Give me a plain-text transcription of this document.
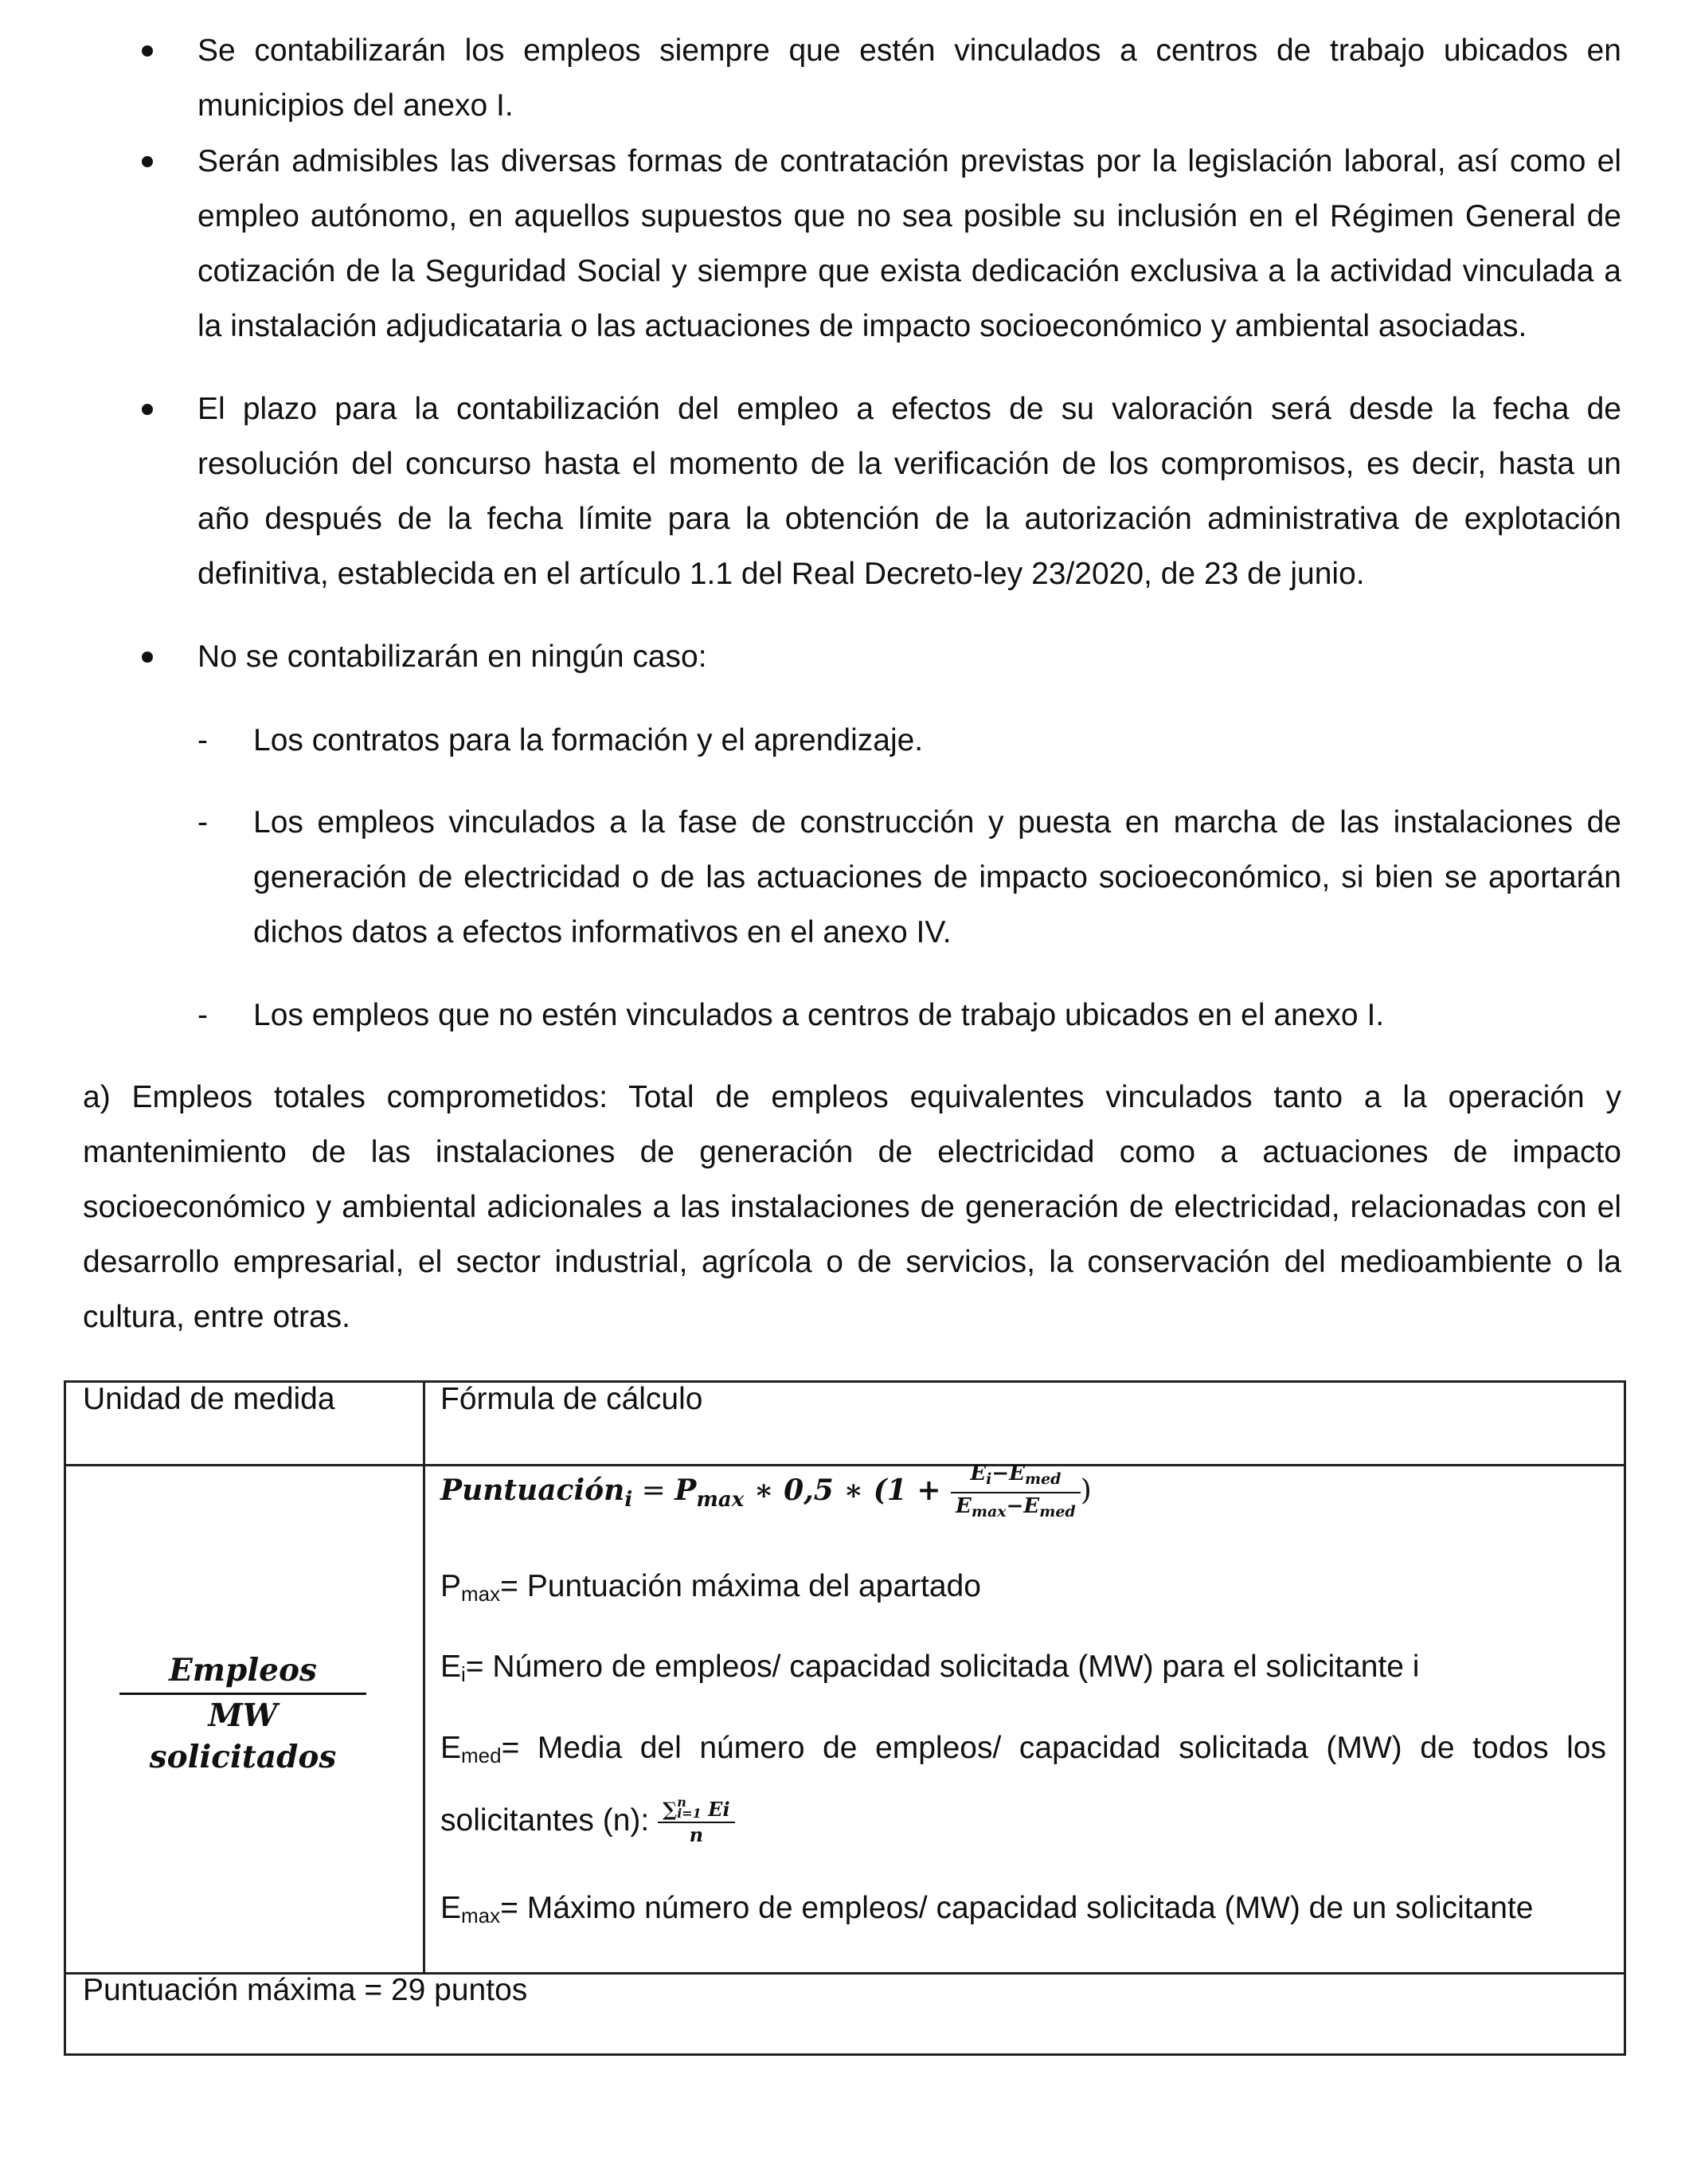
Se contabilizarán los empleos siempre que estén vinculados a centros de trabajo ubicados en municipios del anexo I.
Serán admisibles las diversas formas de contratación previstas por la legislación laboral, así como el empleo autónomo, en aquellos supuestos que no sea posible su inclusión en el Régimen General de cotización de la Seguridad Social y siempre que exista dedicación exclusiva a la actividad vinculada a la instalación adjudicataria o las actuaciones de impacto socioeconómico y ambiental asociadas.
El plazo para la contabilización del empleo a efectos de su valoración será desde la fecha de resolución del concurso hasta el momento de la verificación de los compromisos, es decir, hasta un año después de la fecha límite para la obtención de la autorización administrativa de explotación definitiva, establecida en el artículo 1.1 del Real Decreto-ley 23/2020, de 23 de junio.
No se contabilizarán en ningún caso:
- Los contratos para la formación y el aprendizaje.
- Los empleos vinculados a la fase de construcción y puesta en marcha de las instalaciones de generación de electricidad o de las actuaciones de impacto socioeconómico, si bien se aportarán dichos datos a efectos informativos en el anexo IV.
- Los empleos que no estén vinculados a centros de trabajo ubicados en el anexo I.
a) Empleos totales comprometidos: Total de empleos equivalentes vinculados tanto a la operación y mantenimiento de las instalaciones de generación de electricidad como a actuaciones de impacto socioeconómico y ambiental adicionales a las instalaciones de generación de electricidad, relacionadas con el desarrollo empresarial, el sector industrial, agrícola o de servicios, la conservación del medioambiente o la cultura, entre otras.
Unidad de medida	Fórmula de cálculo
Empleos
MW solicitados
Puntuación$_i$ = $P_{max}$ ∗ 0,5 ∗ ($1 + \frac{E_i-E_{med}}{E_{max}-E_{med}}$ )
Pmax= Puntuación máxima del apartado
Ei= Número de empleos/ capacidad solicitada (MW) para el solicitante i
Emed= Media del número de empleos/ capacidad solicitada (MW) de todos los
solicitantes (n): ∑ n
i=1 Ei
n
Emax= Máximo número de empleos/ capacidad solicitada (MW) de un solicitante
Puntuación máxima = 29 puntos
